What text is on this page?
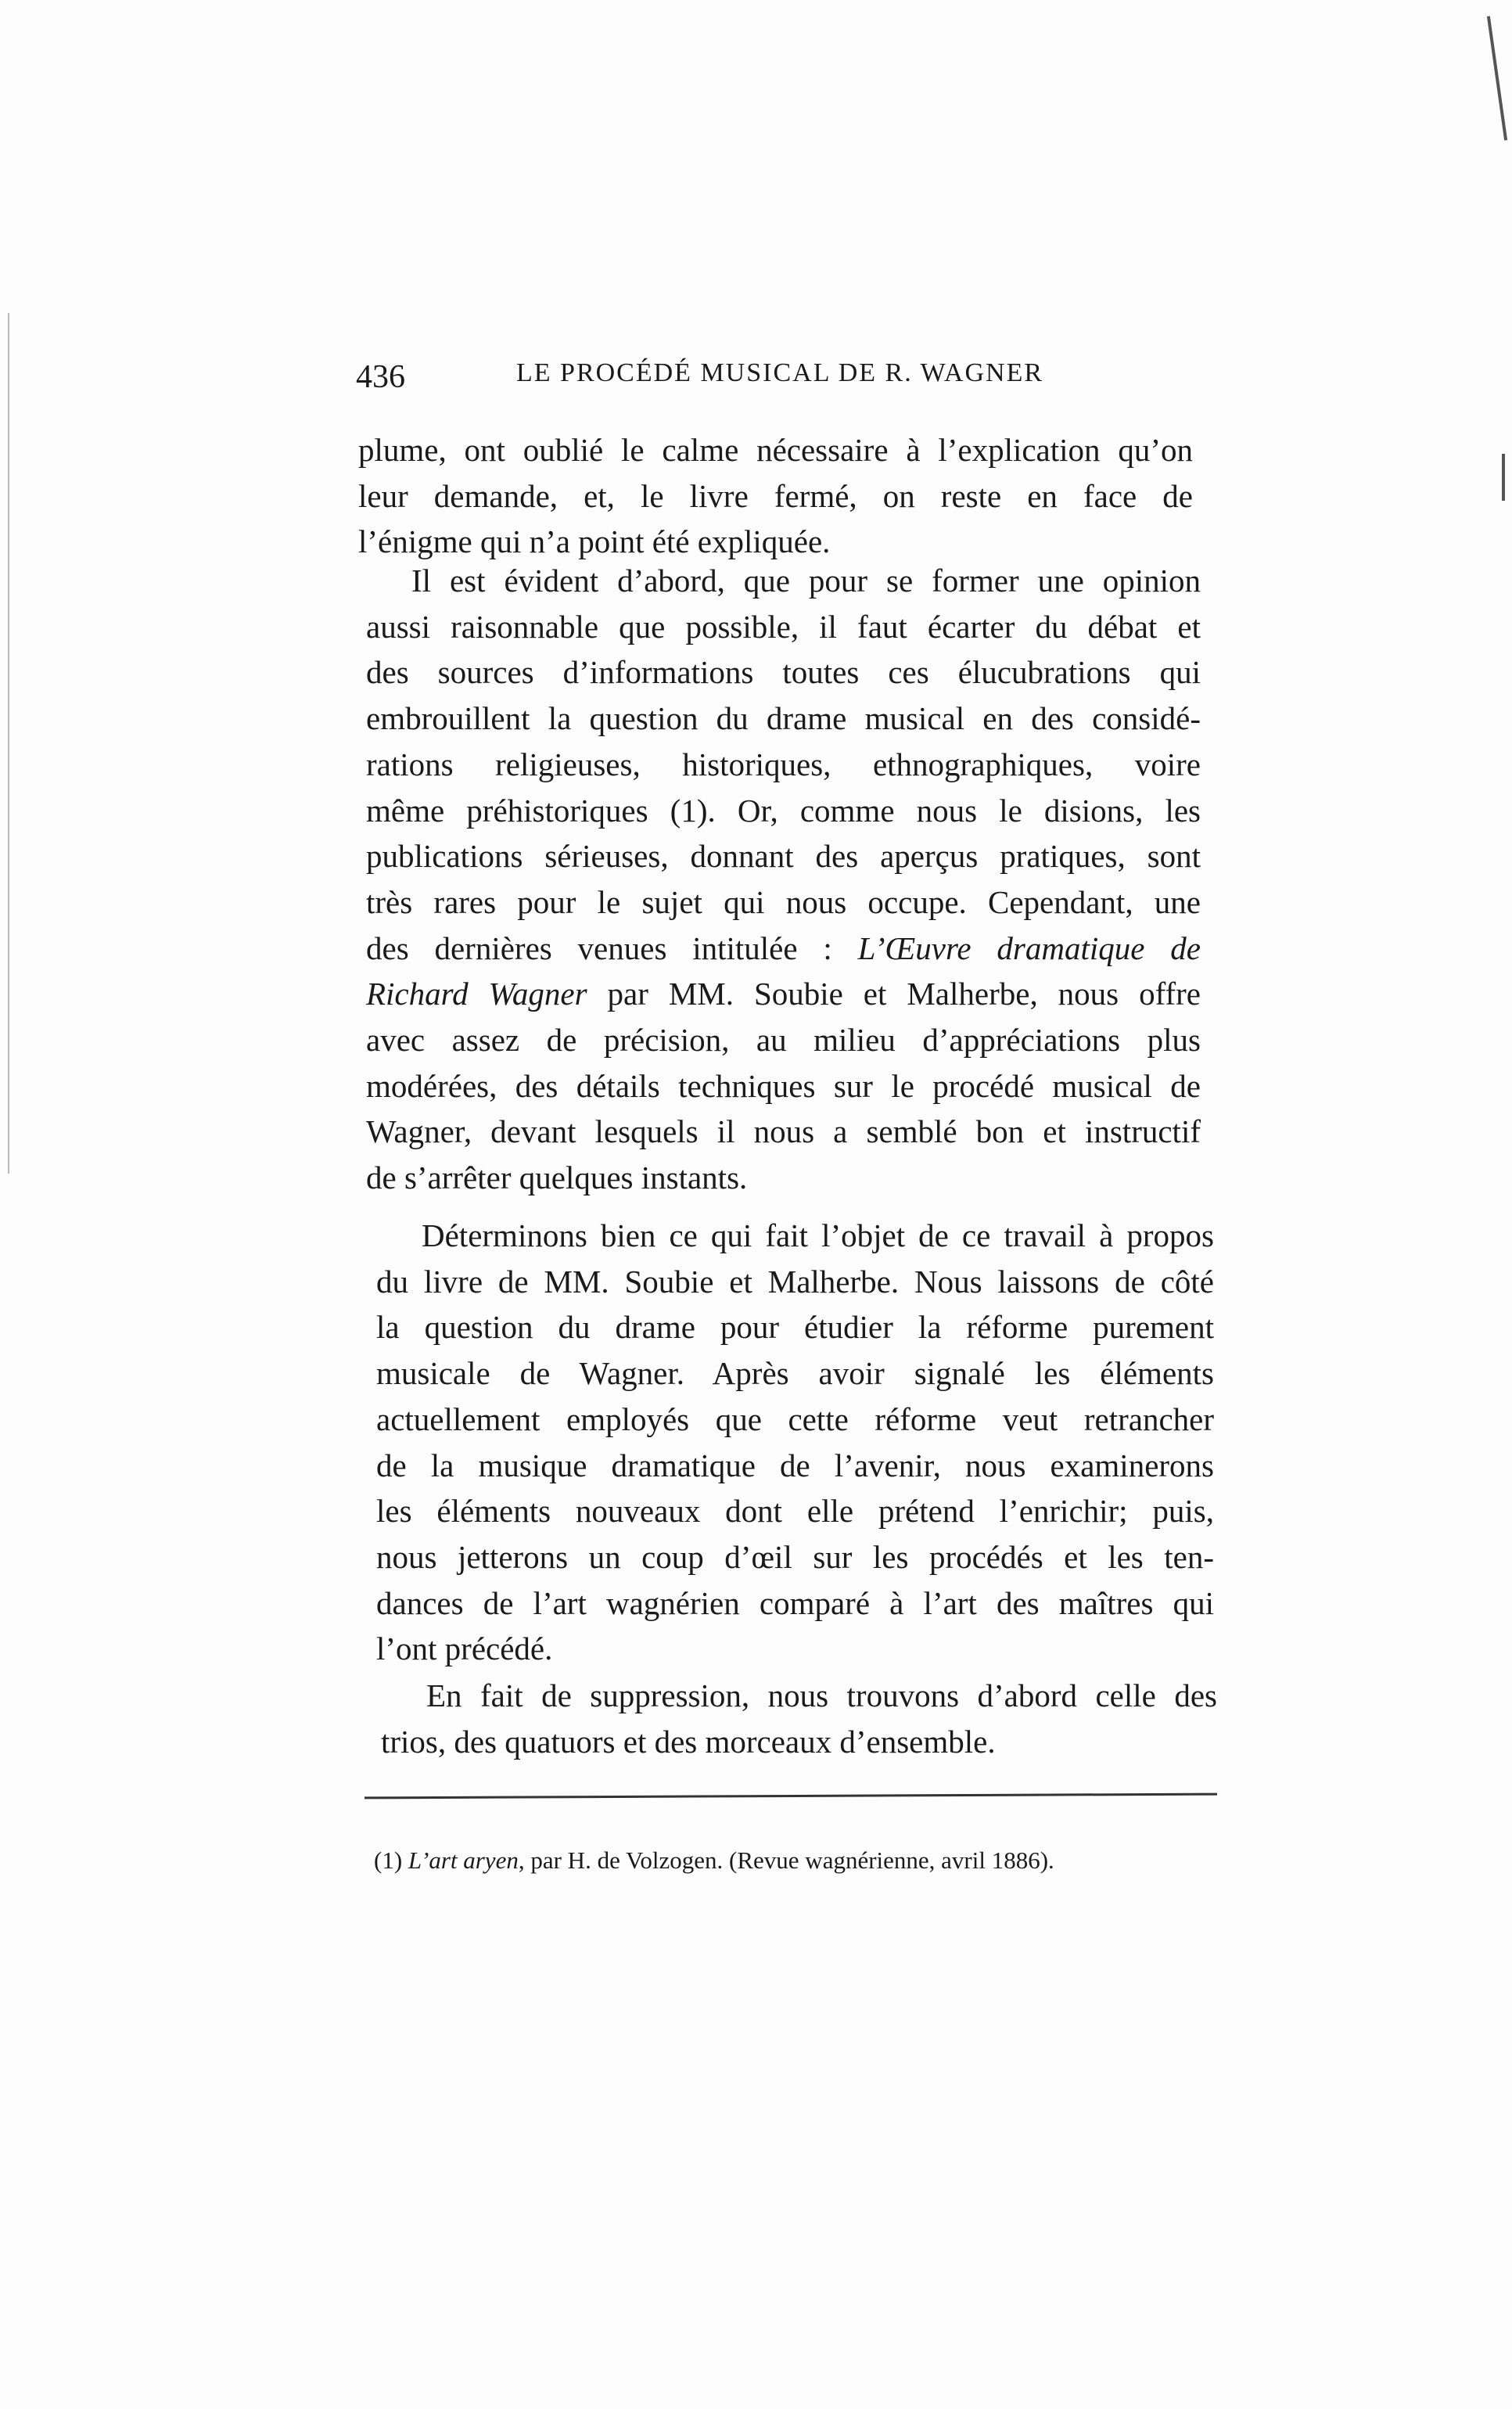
436	LE PROCÉDÉ MUSICAL DE R. WAGNER
plume, ont oublié le calme nécessaire à l’explication qu’on
leur demande, et, le livre fermé, on reste en face de
l’énigme qui n’a point été expliquée.
Il est évident d’abord, que pour se former une opinion
aussi raisonnable que possible, il faut écarter du débat et
des sources d’informations toutes ces élucubrations qui
embrouillent la question du drame musical en des considé-
rations religieuses, historiques, ethnographiques, voire
même préhistoriques (1). Or, comme nous le disions, les
publications sérieuses, donnant des aperçus pratiques, sont
très rares pour le sujet qui nous occupe. Cependant, une
des dernières venues intitulée : L’Œuvre dramatique de
Richard Wagner par MM. Soubie et Malherbe, nous offre
avec assez de précision, au milieu d’appréciations plus
modérées, des détails techniques sur le procédé musical de
Wagner, devant lesquels il nous a semblé bon et instructif
de s’arrêter quelques instants.
Déterminons bien ce qui fait l’objet de ce travail à propos
du livre de MM. Soubie et Malherbe. Nous laissons de côté
la question du drame pour étudier la réforme purement
musicale de Wagner. Après avoir signalé les éléments
actuellement employés que cette réforme veut retrancher
de la musique dramatique de l’avenir, nous examinerons
les éléments nouveaux dont elle prétend l’enrichir; puis,
nous jetterons un coup d’œil sur les procédés et les ten-
dances de l’art wagnérien comparé à l’art des maîtres qui
l’ont précédé.
En fait de suppression, nous trouvons d’abord celle des
trios, des quatuors et des morceaux d’ensemble.
(1) L’art aryen, par H. de Volzogen. (Revue wagnérienne, avril 1886).
